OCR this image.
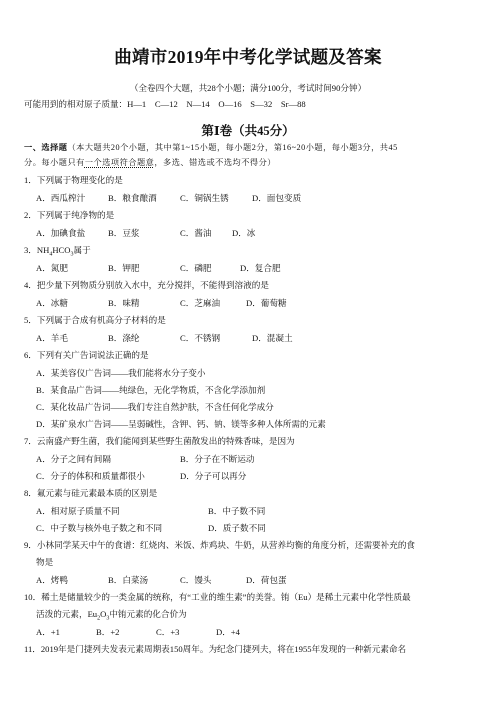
曲靖市2019年中考化学试题及答案
（全卷四个大题，共28个小题；满分100分，考试时间90分钟）
可能用到的相对原子质量：H—1　C—12　N—14　O—16　S—32　Sr—88
第Ⅰ卷（共45分）
一、选择题（本大题共20个小题，其中第1~15小题，每小题2分，第16~20小题，每小题3分，共45
分。每小题只有一个选项符合题意，多选、错选或不选均不得分）
1．下列属于物理变化的是
A．西瓜榨汁	B．粮食酿酒	C．铜锅生锈	D．面包变质
2．下列属于纯净物的是
A．加碘食盐	B．豆浆	C．酱油 D．冰
3．$NH_4HCO_3$属于
A．氮肥	B．钾肥	C．磷肥	D．复合肥
4．把少量下列物质分别放入水中，充分搅拌，不能得到溶液的是
A．冰糖	B．味精	C．芝麻油	D．葡萄糖
5．下列属于合成有机高分子材料的是
A．羊毛	B．涤纶	C．不锈钢	D．混凝土
6．下列有关广告词说法正确的是
A．某美容仪广告词——我们能将水分子变小
B．某食品广告词——纯绿色，无化学物质，不含化学添加剂
C．某化妆品广告词——我们专注自然护肤，不含任何化学成分
D．某矿泉水广告词——呈弱碱性，含钾、钙、钠、镁等多种人体所需的元素
7．云南盛产野生菌，我们能闻到某些野生菌散发出的特殊香味，是因为
A．分子之间有间隔	B．分子在不断运动
C．分子的体积和质量都很小	D．分子可以再分
8．氟元素与硅元素最本质的区别是
A．相对原子质量不同	B．中子数不同
C．中子数与核外电子数之和不同	D．质子数不同
9．小林同学某天中午的食谱：红烧肉、米饭、炸鸡块、牛奶，从营养均衡的角度分析，还需要补充的食
物是
A．烤鸭	B．白菜汤	C．馒头	D．荷包蛋
10．稀土是储量较少的一类金属的统称，有“工业的维生素”的美誉。铕（Eu）是稀土元素中化学性质最
活泼的元素，$Eu_2O_3$中铕元素的化合价为
A．+1	B．+2	C．+3	D．+4
11．2019年是门捷列夫发表元素周期表150周年。为纪念门捷列夫，将在1955年发现的一种新元素命名
